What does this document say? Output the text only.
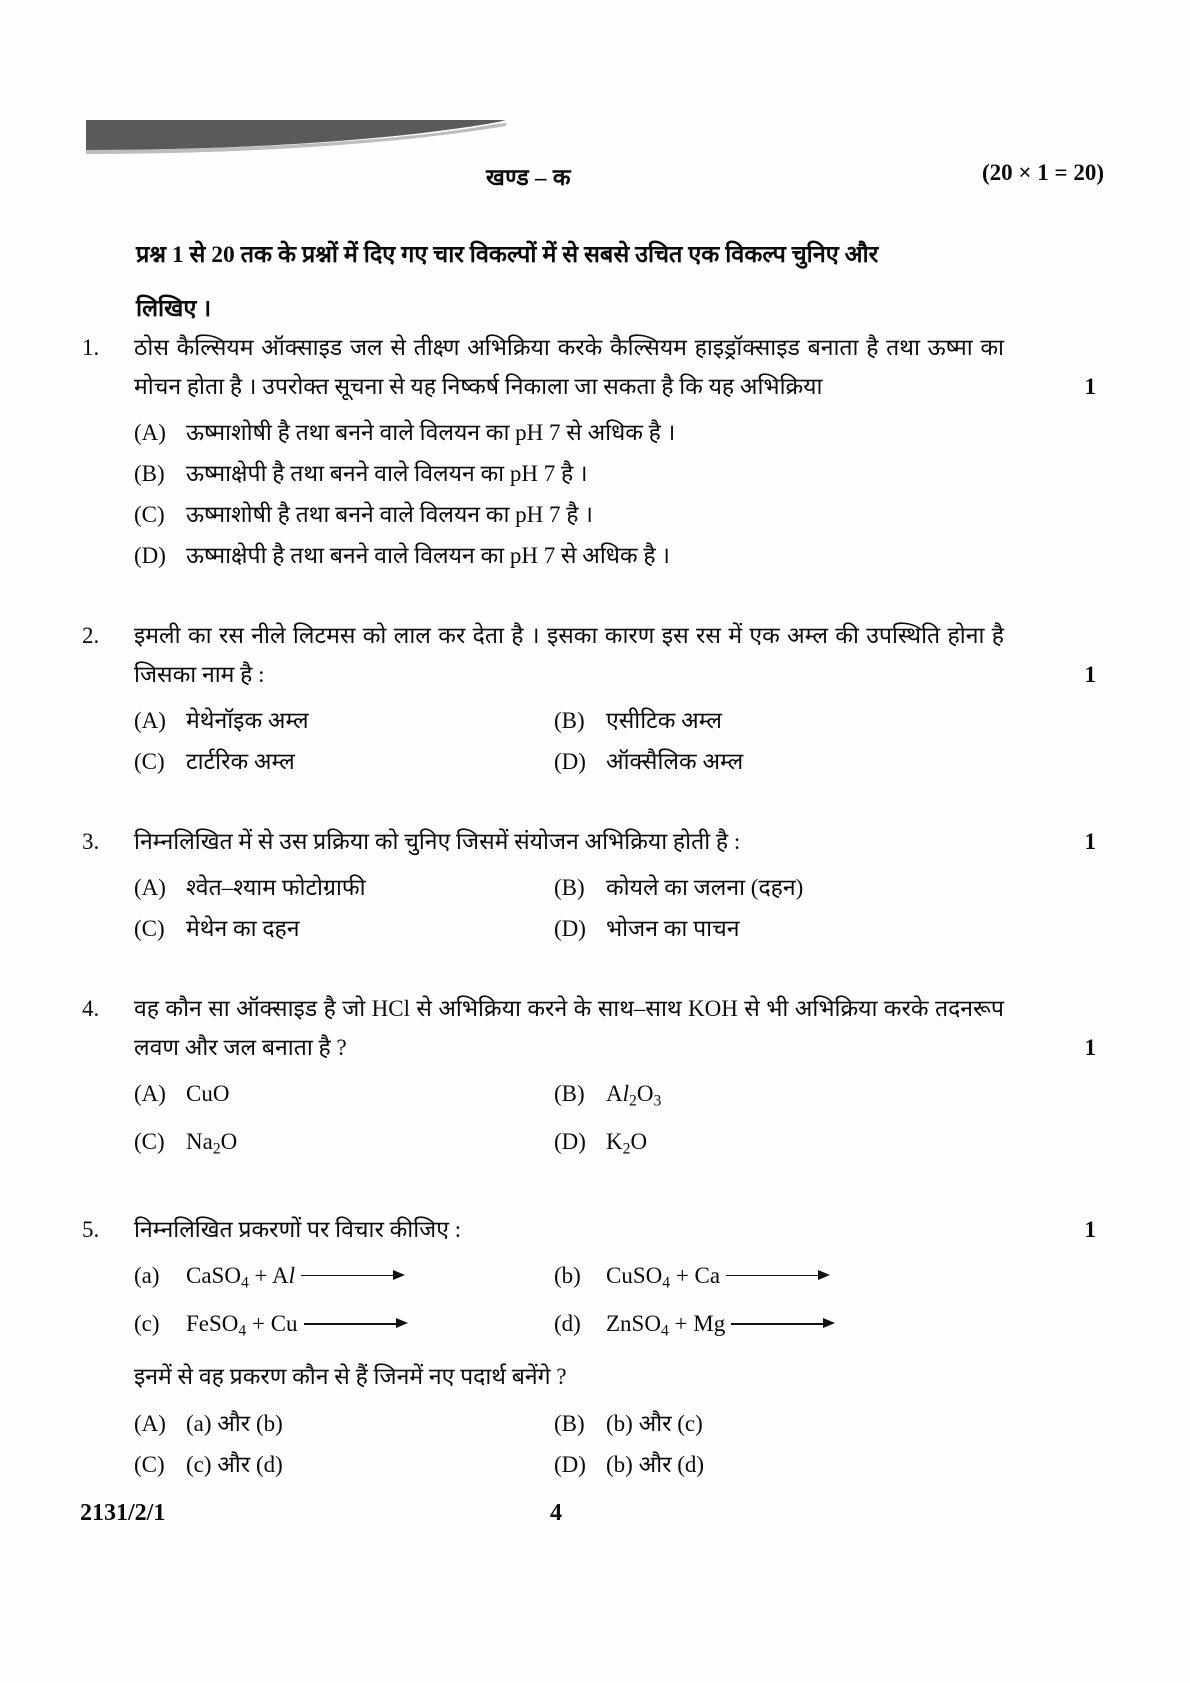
खण्ड – क	(20 × 1 = 20)
प्रश्न 1 से 20 तक के प्रश्नों में दिए गए चार विकल्पों में से सबसे उचित एक विकल्प चुनिए और
लिखिए ।
1.	ठोस कैल्सियम ऑक्साइड जल से तीक्ष्ण अभिक्रिया करके कैल्सियम हाइड्रॉक्साइड बनाता है तथा ऊष्मा का मोचन होता है । उपरोक्त सूचना से यह निष्कर्ष निकाला जा सकता है कि यह अभिक्रिया	1
(A) ऊष्माशोषी है तथा बनने वाले विलयन का pH 7 से अधिक है ।
(B) ऊष्माक्षेपी है तथा बनने वाले विलयन का pH 7 है ।
(C) ऊष्माशोषी है तथा बनने वाले विलयन का pH 7 है ।
(D) ऊष्माक्षेपी है तथा बनने वाले विलयन का pH 7 से अधिक है ।
2.	इमली का रस नीले लिटमस को लाल कर देता है । इसका कारण इस रस में एक अम्ल की उपस्थिति होना है जिसका नाम है :	1
(A) मेथेनॉइक अम्ल	(B) एसीटिक अम्ल
(C) टार्टरिक अम्ल	(D) ऑक्सैलिक अम्ल
3.	निम्नलिखित में से उस प्रक्रिया को चुनिए जिसमें संयोजन अभिक्रिया होती है :	1
(A) श्वेत–श्याम फोटोग्राफी	(B) कोयले का जलना (दहन)
(C) मेथेन का दहन	(D) भोजन का पाचन
4.	वह कौन सा ऑक्साइड है जो HCl से अभिक्रिया करने के साथ–साथ KOH से भी अभिक्रिया करके तदनरूप लवण और जल बनाता है ?	1
(A) CuO	(B) $Al_2O_3$
(C) $Na_2O$	(D) $K_2O$
5.	निम्नलिखित प्रकरणों पर विचार कीजिए :	1
(a)	CaSO$_4$ + Al	(b)	CuSO$_4$ + Ca
(c)	FeSO$_4$ + Cu	(d)	ZnSO$_4$ + Mg
इनमें से वह प्रकरण कौन से हैं जिनमें नए पदार्थ बनेंगे ?
(A) (a) और (b)	(B) (b) और (c)
(C) (c) और (d)	(D) (b) और (d)
2131/2/1	4
